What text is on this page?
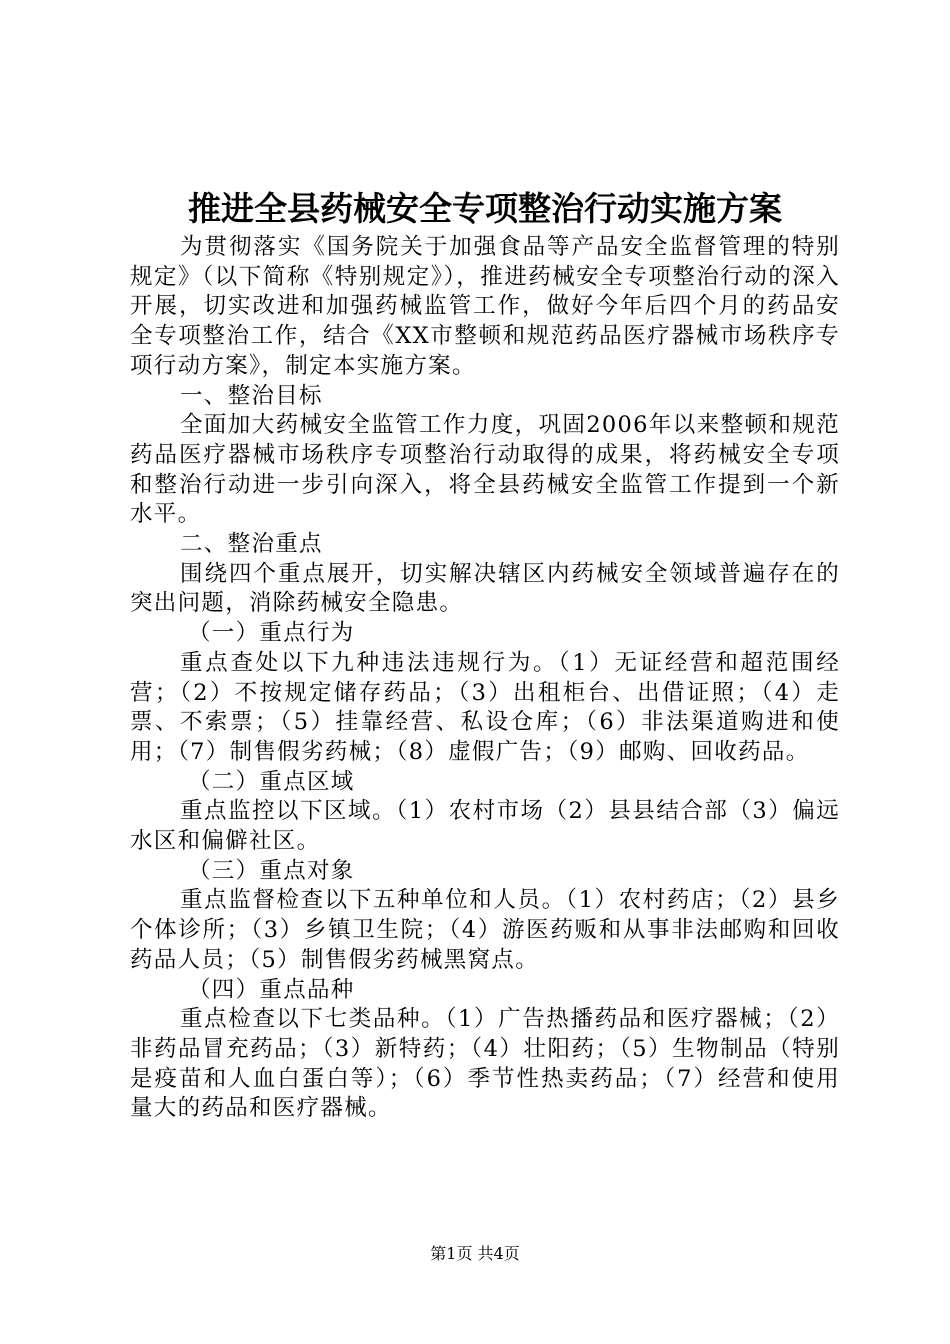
推进全县药械安全专项整治行动实施方案

为贯彻落实《国务院关于加强食品等产品安全监督管理的特别规定》（以下简称《特别规定》），推进药械安全专项整治行动的深入开展，切实改进和加强药械监管工作，做好今年后四个月的药品安全专项整治工作，结合《XX市整顿和规范药品医疗器械市场秩序专项行动方案》，制定本实施方案。

一、整治目标

全面加大药械安全监管工作力度，巩固2006年以来整顿和规范药品医疗器械市场秩序专项整治行动取得的成果，将药械安全专项和整治行动进一步引向深入，将全县药械安全监管工作提到一个新水平。

二、整治重点

围绕四个重点展开，切实解决辖区内药械安全领域普遍存在的突出问题，消除药械安全隐患。

（一）重点行为

重点查处以下九种违法违规行为。（1）无证经营和超范围经营；（2）不按规定储存药品；（3）出租柜台、出借证照；（4）走票、不索票；（5）挂靠经营、私设仓库；（6）非法渠道购进和使用；（7）制售假劣药械；（8）虚假广告；（9）邮购、回收药品。

（二）重点区域

重点监控以下区域。（1）农村市场（2）县县结合部（3）偏远水区和偏僻社区。

（三）重点对象

重点监督检查以下五种单位和人员。（1）农村药店；（2）县乡个体诊所；（3）乡镇卫生院；（4）游医药贩和从事非法邮购和回收药品人员；（5）制售假劣药械黑窝点。

（四）重点品种

重点检查以下七类品种。（1）广告热播药品和医疗器械；（2）非药品冒充药品；（3）新特药；（4）壮阳药；（5）生物制品（特别是疫苗和人血白蛋白等）；（6）季节性热卖药品；（7）经营和使用量大的药品和医疗器械。

第1页 共4页
